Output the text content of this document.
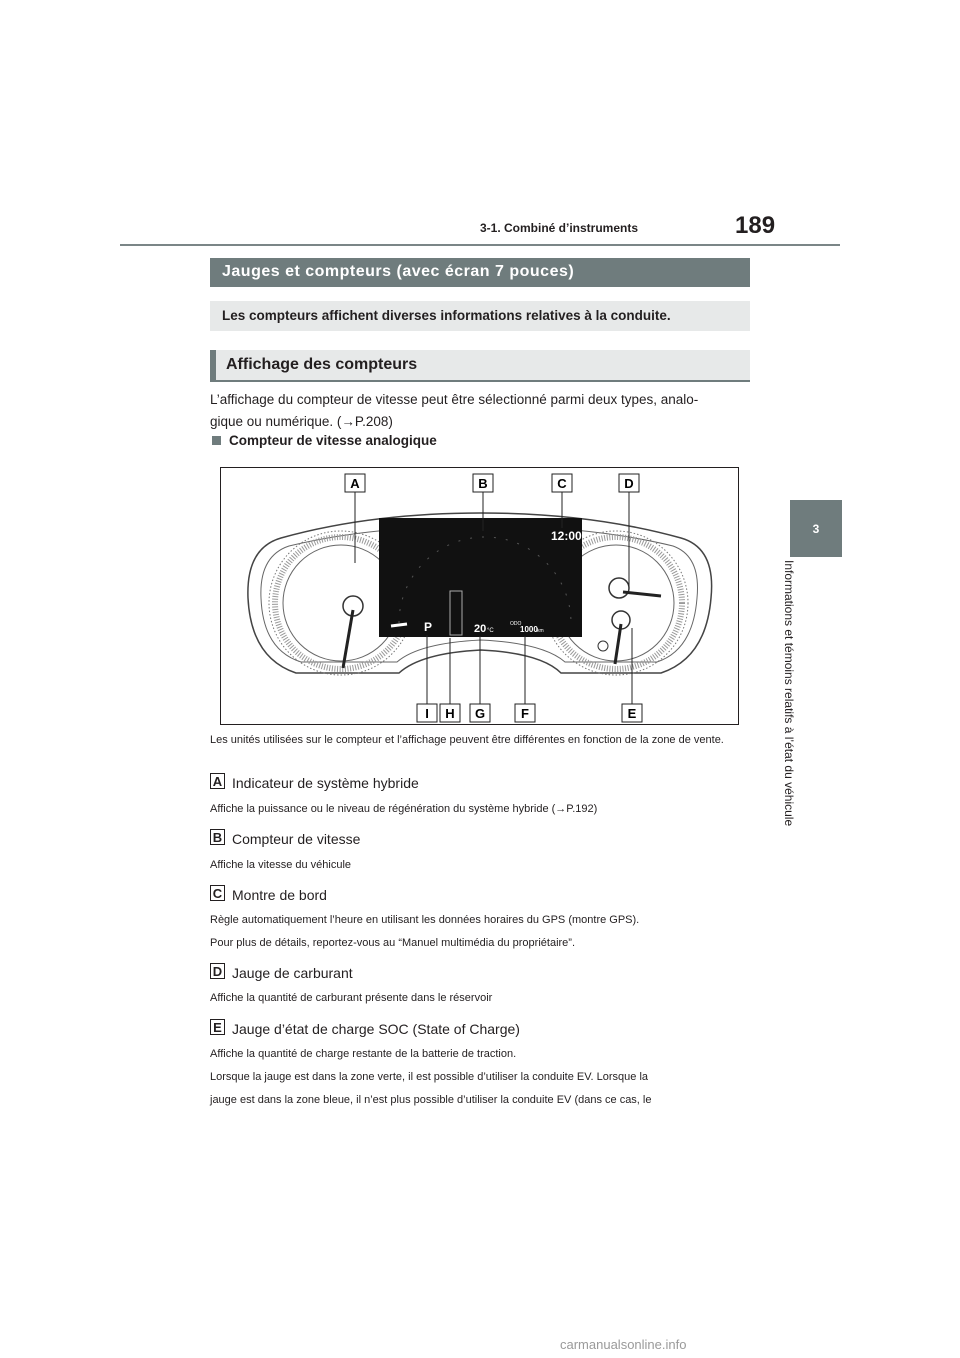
3-1. Combiné d’instruments	189
3
Informations et témoins relatifs à l’état du véhicule
Jauges et compteurs (avec écran 7 pouces)
Les compteurs affichent diverses informations relatives à la conduite.
Affichage des compteurs
L’affichage du compteur de vitesse peut être sélectionné parmi deux types, analo-
gique ou numérique. (→P.208)
Compteur de vitesse analogique
12:00
P	20 °C
ODO
1000 km
A	B	C	D
I H G	F	E
Les unités utilisées sur le compteur et l’affichage peuvent être différentes en fonction de la zone de vente.
A Indicateur de système hybride
Affiche la puissance ou le niveau de régénération du système hybride (→P.192)
B Compteur de vitesse
Affiche la vitesse du véhicule
C Montre de bord
Règle automatiquement l’heure en utilisant les données horaires du GPS (montre GPS).
Pour plus de détails, reportez-vous au “Manuel multimédia du propriétaire”.
D Jauge de carburant
Affiche la quantité de carburant présente dans le réservoir
E Jauge d’état de charge SOC (State of Charge)
Affiche la quantité de charge restante de la batterie de traction.
Lorsque la jauge est dans la zone verte, il est possible d’utiliser la conduite EV. Lorsque la
jauge est dans la zone bleue, il n’est plus possible d’utiliser la conduite EV (dans ce cas, le
carmanualsonline.info
